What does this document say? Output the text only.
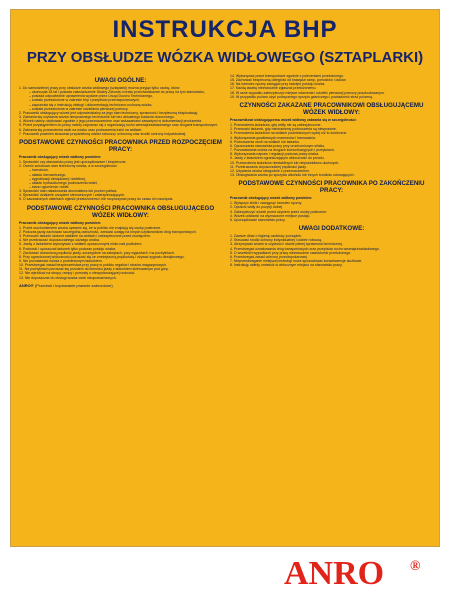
INSTRUKCJA BHP
PRZY OBSŁUDZE WÓZKA WIDŁOWEGO (SZTAPLARKI)
UWAGI OGÓLNE:
1. Do samodzielnej pracy przy obsłudze wózka widłowego (sztaplarki) można przyjąć tylko osobę, która:
– ukończyła 18 lat i posiada zaświadczenie Służby Zdrowia o braku przeciwwskazań do pracy na tym stanowisku,
– posiada odpowiednie uprawnienia wydane przez Urząd Dozoru Technicznego,
– zostało przeszkolone w zakresie bhp i przepisów przeciwpożarowych,
– zapoznała się z instrukcją obsługi i dokumentacją techniczno-ruchową wózka,
– została przeszkolona w zakresie udzielania pierwszej pomocy.
2. Pracownik obsługujący wózek jest odpowiedzialny za jego stan techniczny, sprawność i bezpieczną eksploatację.
3. Zabrania się używania wózka niesprawnego technicznie lub bez aktualnego badania dozorowego.
4. Wózek należy użytkować zgodnie z jego przeznaczeniem oraz wskazaniami zawartymi w dokumentacji producenta.
5. Przed przystąpieniem do pracy należy zapoznać się z organizacją ruchu wewnątrzzakładowego oraz drogami transportowymi.
6. Zabrania się przewożenia osób na wózku oraz podnoszenia ludzi na widłach.
7. Pracownik powinien stosować przydzieloną odzież roboczą i ochronną oraz środki ochrony indywidualnej.
PODSTAWOWE CZYNNOŚCI PRACOWNIKA PRZED ROZPOCZĘCIEM PRACY:
Pracownik obsługujący wózek widłowy powinien:
1. Sprawdzić czy stanowisko pracy jest uporządkowane i bezpieczne.
2. Ocenić wzrokowo stan techniczny wózka, a w szczególności:
– hamulców,
– układu kierowniczego,
– sygnalizacji dźwiękowej i świetlnej,
– układu hydraulicznego podnoszenia wideł,
– stanu ogumienia i wideł.
3. Sprawdzić stan naładowania akumulatora lub poziom paliwa.
4. Sprawdzić działanie urządzeń sterowniczych i zabezpieczających.
5. O zauważonych usterkach zgłosić przełożonemu i nie rozpoczynać pracy do czasu ich usunięcia.
PODSTAWOWE CZYNNOŚCI PRACOWNIKA OBSŁUGUJĄCEGO WÓZEK WIDŁOWY:
Pracownik obsługujący wózek widłowy powinien:
1. Przed uruchomieniem wózka upewnić się, że w pobliżu nie znajdują się osoby postronne.
2. Podczas jazdy zachować szczególną ostrożność, zwracać uwagę na innych użytkowników dróg transportowych.
3. Przewozić ładunki ułożone stabilnie na widłach i zabezpieczone przed zsunięciem.
4. Nie przekraczać dopuszczalnego udźwigu wózka.
5. Jazdę z ładunkiem wykonywać z widłami opuszczonymi nisko nad podłożem.
6. Podnosić i opuszczać ładunek tylko podczas postoju wózka.
7. Zachować dozwoloną prędkość jazdy, szczególnie na zakrętach, przy wyjazdach i na pochylniach.
8. Przy ograniczonej widoczności poruszać się ze zmniejszoną prędkością i używać sygnału dźwiękowego.
9. Nie pozostawiać wózka z podniesionym ładunkiem.
10. Przestrzegać zasad bezpieczeństwa przy pracy w pobliżu regałów i stosów magazynowych.
11. Na pochylniach poruszać się przodem do kierunku jazdy z ładunkiem skierowanym pod górę.
12. Nie wjeżdżać na stropy, rampy i pomosty o niewystarczającej nośności.
13. Nie dopuszczać do obsługi wózka osób nieupoważnionych.
ANRO® (Przedruk i kopiowanie prawnie zabronione)
14. Wykonywać prace transportowe zgodnie z poleceniami przełożonego.
15. Zachować bezpieczną odległość od krawędzi ramp, pomostów i doków.
16. Na hamulec ręczny zaciągać przy każdym postoju wózka.
17. Każdą awarię niezwłocznie zgłaszać przełożonemu.
18. W razie wypadku zabezpieczyć miejsce zdarzenia i udzielić pierwszej pomocy poszkodowanym.
19. W przypadku pożaru użyć podręcznego sprzętu gaśniczego i powiadomić straż pożarną.
CZYNNOŚCI ZAKAZANE PRACOWNIKOWI OBSŁUGUJĄCEMU WÓZEK WIDŁOWY:
Pracownikowi obsługującemu wózek widłowy zabrania się w szczególności:
1. Przewożenia ładunków, gdy widły nie są zabezpieczone.
2. Przewozić ładunek, gdy mechanizmy podnoszenia są niesprawne.
3. Przewożenia ładunków na widłach podniesionych wyżej niż to konieczne.
4. Wykonywania gwałtownych manewrów i hamowania.
5. Podnoszenia osób na widłach lub ładunku.
6. Opuszczania stanowiska pracy przy uruchomionym silniku.
7. Pozostawiania wózka na drogach komunikacyjnych i przejściach.
8. Wykonywania napraw i regulacji podczas pracy wózka.
9. Jazdy z ładunkiem ograniczającym widoczność do przodu.
10. Przewożenia ładunków niestabilnych lub nieprawidłowo ułożonych.
11. Przekraczania dopuszczalnej prędkości jazdy.
12. Używania wózka niezgodnie z przeznaczeniem.
13. Obsługiwania wózka po spożyciu alkoholu lub innych środków odurzających.
PODSTAWOWE CZYNNOŚCI PRACOWNIKA PO ZAKOŃCZENIU PRACY:
Pracownik obsługujący wózek widłowy powinien:
1. Wyłączyć silnik i zaciągnąć hamulec ręczny.
2. Opuścić widły do pozycji dolnej.
3. Zabezpieczyć wózek przed użyciem przez osoby postronne.
4. Wózek odstawić na wyznaczone miejsce postoju.
5. Uporządkować stanowisko pracy.
UWAGI DODATKOWE:
1. Zawsze dbać o higienę osobistą i porządek.
2. Stosować środki ochrony indywidualnej i odzież roboczą.
3. Utrzymywać wózek w czystości i stanie pełnej sprawności technicznej.
4. Przestrzegać oznakowania dróg transportowych oraz przepisów ruchu wewnątrzzakładowego.
5. O wszelkich wypadkach przy pracy niezwłocznie zawiadomić przełożonego.
6. Przestrzegać zasad ochrony przeciwpożarowej.
7. Nieprzestrzeganie niniejszej instrukcji może spowodować konsekwencje służbowe.
8. Instrukcję należy umieścić w widocznym miejscu na stanowisku pracy.
ANRO ®
